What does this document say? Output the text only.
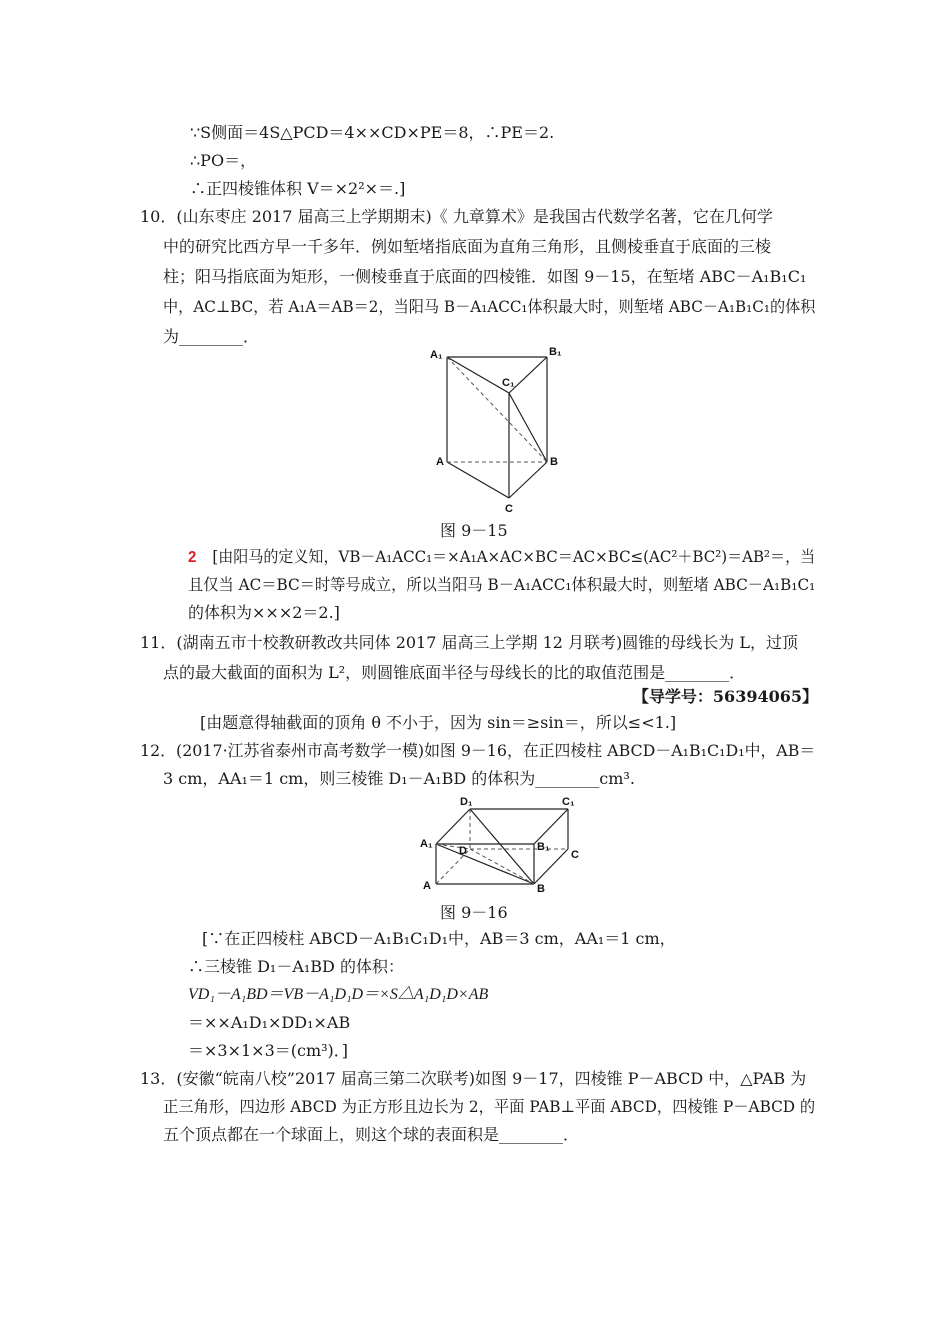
∵S侧面＝4S△PCD＝4××CD×PE＝8，∴PE＝2.
∴PO＝，
∴正四棱锥体积 V＝×2²×＝.]
10．(山东枣庄 2017 届高三上学期期末)《 九章算术》是我国古代数学名著，它在几何学
中的研究比西方早一千多年．例如堑堵指底面为直角三角形，且侧棱垂直于底面的三棱
柱；阳马指底面为矩形，一侧棱垂直于底面的四棱锥．如图 9－15，在堑堵 ABC－A₁B₁C₁
中，AC⊥BC，若 A₁A＝AB＝2，当阳马 B－A₁ACC₁体积最大时，则堑堵 ABC－A₁B₁C₁的体积
为________．
A₁	B₁
C₁
A	B
C
图 9－15
2 [由阳马的定义知，VB－A₁ACC₁＝×A₁A×AC×BC＝AC×BC≤(AC²＋BC²)＝AB²＝，当
且仅当 AC＝BC＝时等号成立，所以当阳马 B－A₁ACC₁体积最大时，则堑堵 ABC－A₁B₁C₁
的体积为×××2＝2.]
11．(湖南五市十校教研教改共同体 2017 届高三上学期 12 月联考)圆锥的母线长为 L，过顶
点的最大截面的面积为 L²，则圆锥底面半径与母线长的比的取值范围是________．
【导学号：56394065】
[由题意得轴截面的顶角 θ 不小于，因为 sin＝≥sin＝，所以≤<1.]
12．(2017·江苏省泰州市高考数学一模)如图 9－16，在正四棱柱 ABCD－A₁B₁C₁D₁中，AB＝
3 cm，AA₁＝1 cm，则三棱锥 D₁－A₁BD 的体积为________cm³.
D₁	C₁
A₁
D	B₁
C
A	B
图 9－16
[∵在正四棱柱 ABCD－A₁B₁C₁D₁中，AB＝3 cm，AA₁＝1 cm，
∴三棱锥 D₁－A₁BD 的体积：
VD₁－A₁BD＝VB－A₁D₁D＝×S△A₁D₁D×AB
＝××A₁D₁×DD₁×AB
＝×3×1×3＝(cm³)．]
13．(安徽“皖南八校”2017 届高三第二次联考)如图 9－17，四棱锥 P－ABCD 中，△PAB 为
正三角形，四边形 ABCD 为正方形且边长为 2，平面 PAB⊥平面 ABCD，四棱锥 P－ABCD 的
五个顶点都在一个球面上，则这个球的表面积是________．
